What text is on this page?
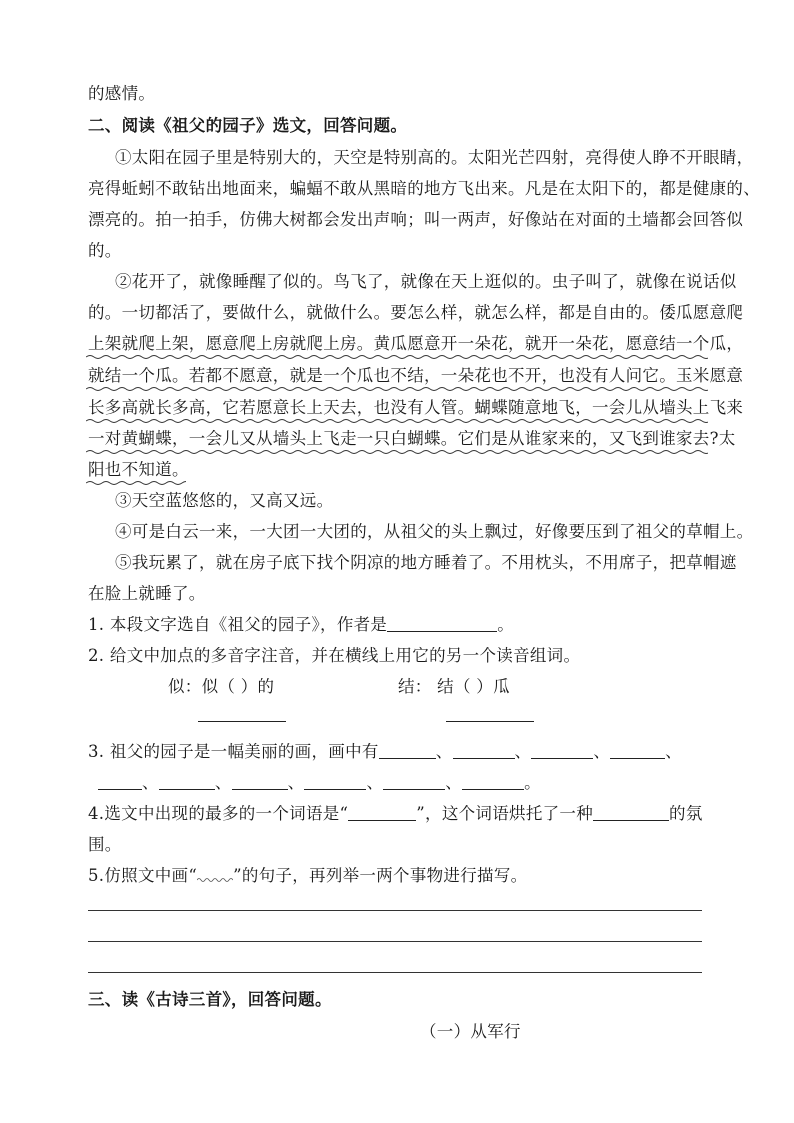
的感情。
二、阅读《祖父的园子》选文，回答问题。
①太阳在园子里是特别大的，天空是特别高的。太阳光芒四射，亮得使人睁不开眼睛，
亮得蚯蚓不敢钻出地面来，蝙蝠不敢从黑暗的地方飞出来。凡是在太阳下的，都是健康的、
漂亮的。拍一拍手，仿佛大树都会发出声响；叫一两声，好像站在对面的土墙都会回答似
的。
②花开了，就像睡醒了似的。鸟飞了，就像在天上逛似的。虫子叫了，就像在说话似
的。一切都活了，要做什么，就做什么。要怎么样，就怎么样，都是自由的。倭瓜愿意爬
上架就爬上架，愿意爬上房就爬上房。黄瓜愿意开一朵花，就开一朵花，愿意结一个瓜，
就结一个瓜。若都不愿意，就是一个瓜也不结，一朵花也不开，也没有人问它。玉米愿意
长多高就长多高，它若愿意长上天去，也没有人管。蝴蝶随意地飞，一会儿从墙头上飞来
一对黄蝴蝶，一会儿又从墙头上飞走一只白蝴蝶。它们是从谁家来的，又飞到谁家去?太
阳也不知道。
③天空蓝悠悠的，又高又远。
④可是白云一来，一大团一大团的，从祖父的头上飘过，好像要压到了祖父的草帽上。
⑤我玩累了，就在房子底下找个阴凉的地方睡着了。不用枕头，不用席子，把草帽遮
在脸上就睡了。
1. 本段文字选自《祖父的园子》，作者是	。
2. 给文中加点的多音字注音，并在横线上用它的另一个读音组词。
似：似（ ）的	结： 结（ ）瓜
3. 祖父的园子是一幅美丽的画，画中有	、	、	、	、
、	、	、	、	、	。
4.选文中出现的最多的一个词语是“	”，这个词语烘托了一种	的氛
围。
5.仿照文中画“ ”的句子，再列举一两个事物进行描写。
三、读《古诗三首》，回答问题。
（一）从军行
